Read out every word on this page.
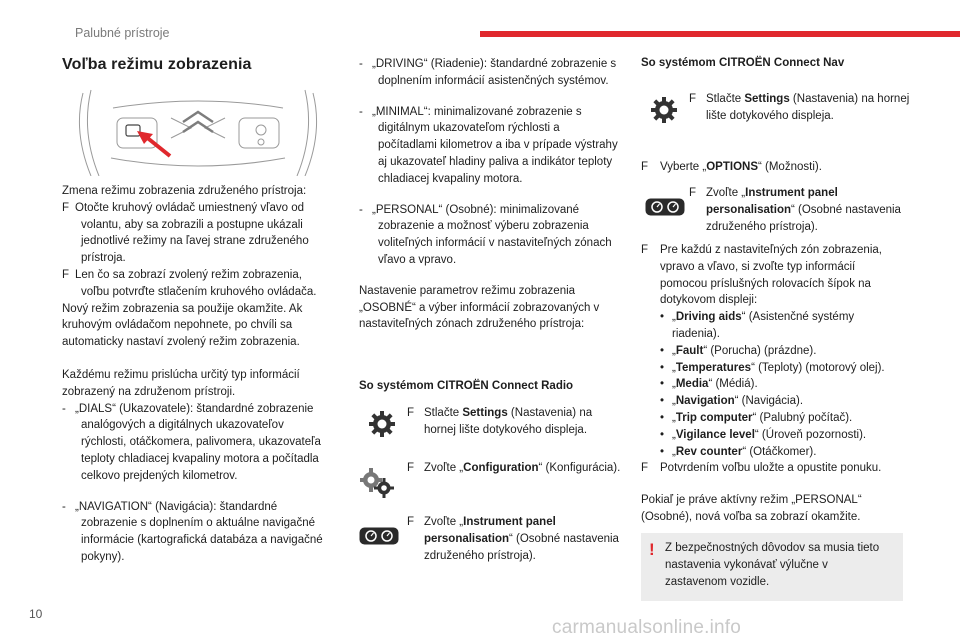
Palubné prístroje
Voľba režimu zobrazenia

Zmena režimu zobrazenia združeného prístroja:

F Otočte kruhový ovládač umiestnený vľavo od volantu, aby sa zobrazili a postupne ukázali jednotlivé režimy na ľavej strane združeného prístroja.

F Len čo sa zobrazí zvolený režim zobrazenia, voľbu potvrďte stlačením kruhového ovládača.

Nový režim zobrazenia sa použije okamžite. Ak kruhovým ovládačom nepohnete, po chvíli sa automaticky nastaví zvolený režim zobrazenia.

Každému režimu prislúcha určitý typ informácií zobrazený na združenom prístroji.

- „DIALS“ (Ukazovatele): štandardné zobrazenie analógových a digitálnych ukazovateľov rýchlosti, otáčkomera, palivomera, ukazovateľa teploty chladiacej kvapaliny motora a počítadla celkovo prejdených kilometrov.

- „NAVIGATION“ (Navigácia): štandardné zobrazenie s doplnením o aktuálne navigačné informácie (kartografická databáza a navigačné pokyny).

- „DRIVING“ (Riadenie): štandardné zobrazenie s doplnením informácií asistenčných systémov.

- „MINIMAL“: minimalizované zobrazenie s digitálnym ukazovateľom rýchlosti a počítadlami kilometrov a iba v prípade výstrahy aj ukazovateľ hladiny paliva a indikátor teploty chladiacej kvapaliny motora.

- „PERSONAL“ (Osobné): minimalizované zobrazenie a možnosť výberu zobrazenia voliteľných informácií v nastaviteľných zónach vľavo a vpravo.

Nastavenie parametrov režimu zobrazenia „OSOBNÉ“ a výber informácií zobrazovaných v nastaviteľných zónach združeného prístroja:

So systémom CITROËN Connect Radio
F Stlačte Settings (Nastavenia) na hornej lište dotykového displeja.
F Zvoľte „Configuration“ (Konfigurácia).
F Zvoľte „Instrument panel personalisation“ (Osobné nastavenia združeného prístroja).
So systémom CITROËN Connect Nav
F Stlačte Settings (Nastavenia) na hornej lište dotykového displeja.
F Vyberte „OPTIONS“ (Možnosti).
F Zvoľte „Instrument panel personalisation“ (Osobné nastavenia združeného prístroja).

F Pre každú z nastaviteľných zón zobrazenia, vpravo a vľavo, si zvoľte typ informácií pomocou príslušných rolovacích šípok na dotykovom displeji:

• „Driving aids“ (Asistenčné systémy riadenia).

• „Fault“ (Porucha) (prázdne).

• „Temperatures“ (Teploty) (motorový olej).

• „Media“ (Médiá).

• „Navigation“ (Navigácia).

• „Trip computer“ (Palubný počítač).

• „Vigilance level“ (Úroveň pozornosti).

• „Rev counter“ (Otáčkomer).

F Potvrdením voľbu uložte a opustite ponuku.

Pokiaľ je práve aktívny režim „PERSONAL“ (Osobné), nová voľba sa zobrazí okamžite.

! Z bezpečnostných dôvodov sa musia tieto nastavenia vykonávať výlučne v zastavenom vozidle.
10
carmanualsonline.info
